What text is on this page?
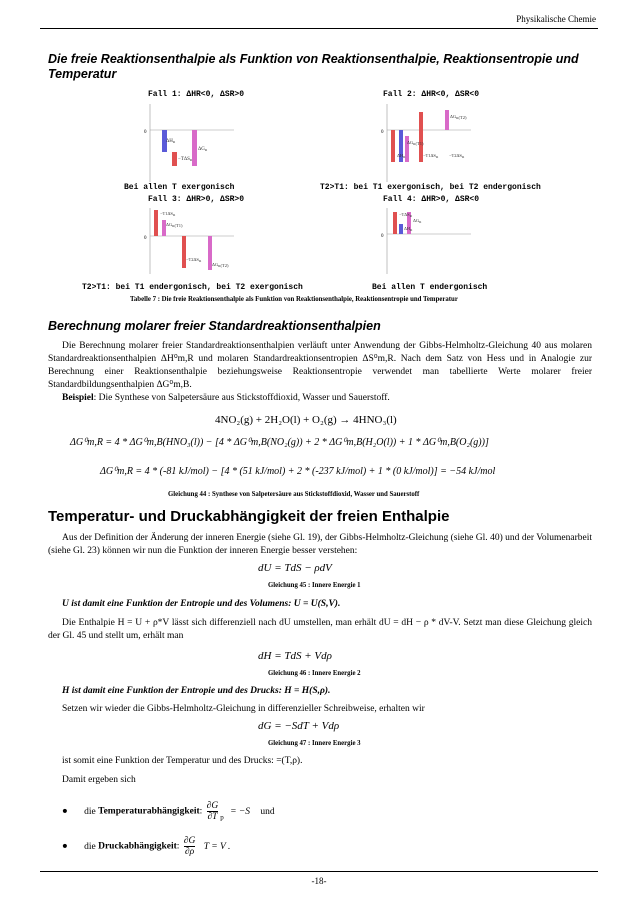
Physikalische Chemie
Die freie Reaktionsenthalpie als Funktion von Reaktionsenthalpie, Reaktionsentropie und Temperatur
Fall 1: ΔHR<0, ΔSR>0	Fall 2: ΔHR<0, ΔSR<0
0
$\Delta H_R$
$-T\Delta S_R$
$\Delta G_R$
0
$\Delta H_R$
$\Delta G_R(T1)$
$-T1\Delta S_R -T2\Delta S_R$
$\Delta G_R(T2)$
Bei allen T exergonisch	T2>T1: bei T1 exergonisch, bei T2 endergonisch
Fall 3: ΔHR>0, ΔSR>0	Fall 4: ΔHR>0, ΔSR<0
0
$-T1\Delta S_R$
$\Delta G_R(T1)$
$-T2\Delta S_R$
$\Delta G_R(T2)$
0
$-T\Delta S_R$
$\Delta H_R$
$\Delta G_R$
T2>T1: bei T1 endergonisch, bei T2 exergonisch	Bei allen T endergonisch
Tabelle 7 : Die freie Reaktionsenthalpie als Funktion von Reaktionsenthalpie, Reaktionsentropie und Temperatur
Berechnung molarer freier Standardreaktionsenthalpien

Die Berechnung molarer freier Standardreaktionsenthalpien verläuft unter Anwendung der Gibbs-Helmholtz-Gleichung 40 aus molaren Standardreaktionsenthalpien ΔH⁰m,R und molaren Standardreaktionsentropien ΔS⁰m,R. Nach dem Satz von Hess und in Analogie zur Berechnung einer Reaktionsenthalpie beziehungsweise Reaktionsentropie verwendet man tabellierte Werte molarer freier Standardbildungsenthalpien ΔG⁰m,B.

Beispiel: Die Synthese von Salpetersäure aus Stickstoffdioxid, Wasser und Sauerstoff.
4NO₂(g) + 2H₂O(l) + O₂(g) → 4HNO₃(l)
ΔG⁰m,R = 4 * ΔG⁰m,B(HNO₃(l)) − [4 * ΔG⁰m,B(NO₂(g)) + 2 * ΔG⁰m,B(H₂O(l)) + 1 * ΔG⁰m,B(O₂(g))]
ΔG⁰m,R = 4 * (-81 kJ/mol) − [4 * (51 kJ/mol) + 2 * (-237 kJ/mol) + 1 * (0 kJ/mol)] = −54 kJ/mol
Gleichung 44 : Synthese von Salpetersäure aus Stickstoffdioxid, Wasser und Sauerstoff
Temperatur- und Druckabhängigkeit der freien Enthalpie

Aus der Definition der Änderung der inneren Energie (siehe Gl. 19), der Gibbs-Helmholtz-Gleichung (siehe Gl. 40) und der Volumenarbeit (siehe Gl. 23) können wir nun die Funktion der inneren Energie besser verstehen:

dU = TdS − ρdV
Gleichung 45 : Innere Energie 1
U ist damit eine Funktion der Entropie und des Volumens: U = U(S,V).

Die Enthalpie H = U + ρ*V lässt sich differenziell nach dU umstellen, man erhält dU = dH − ρ * dV-V. Setzt man diese Gleichung gleich der Gl. 45 und stellt um, erhält man

dH = TdS + Vdρ
Gleichung 46 : Innere Energie 2
H ist damit eine Funktion der Entropie und des Drucks: H = H(S,ρ).
Setzen wir wieder die Gibbs-Helmholtz-Gleichung in differenzieller Schreibweise, erhalten wir
dG = −SdT + Vdρ
Gleichung 47 : Innere Energie 3
ist somit eine Funktion der Temperatur und des Drucks: =(T,ρ).
Damit ergeben sich
● die Temperaturabhängigkeit: $\frac{\partial G}{\partial T} _p = -S$ und
● die Druckabhängigkeit: $\frac{\partial G}{\partial\rho}$ T = V .
-18-
